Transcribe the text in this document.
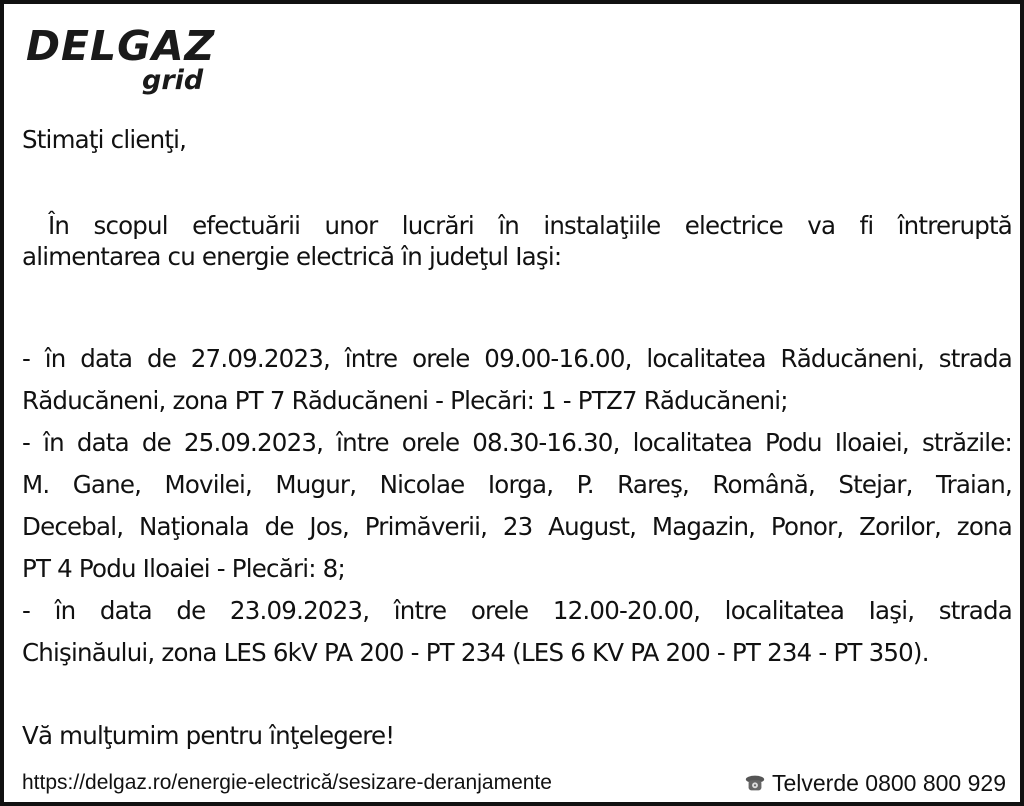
DELGAZ
grid
Stimaţi clienţi,
În scopul efectuării unor lucrări în instalaţiile electrice va fi întreruptă
alimentarea cu energie electrică în judeţul Iaşi:
- în data de 27.09.2023, între orele 09.00-16.00, localitatea Răducăneni, strada
Răducăneni, zona PT 7 Răducăneni - Plecări: 1 - PTZ7 Răducăneni;
- în data de 25.09.2023, între orele 08.30-16.30, localitatea Podu Iloaiei, străzile:
M. Gane, Movilei, Mugur, Nicolae Iorga, P. Rareş, Română, Stejar, Traian,
Decebal, Naţionala de Jos, Primăverii, 23 August, Magazin, Ponor, Zorilor, zona
PT 4 Podu Iloaiei - Plecări: 8;
- în data de 23.09.2023, între orele 12.00-20.00, localitatea Iaşi, strada
Chişinăului, zona LES 6kV PA 200 - PT 234 (LES 6 KV PA 200 - PT 234 - PT 350).
Vă mulţumim pentru înţelegere!
https://delgaz.ro/energie-electrică/sesizare-deranjamente	Telverde 0800 800 929
